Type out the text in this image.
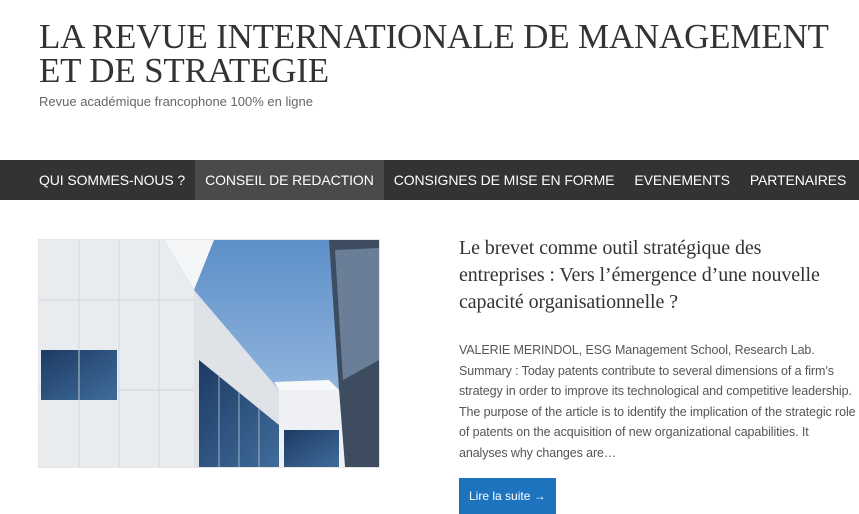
LA REVUE INTERNATIONALE DE MANAGEMENT ET DE STRATEGIE
Revue académique francophone 100% en ligne
QUI SOMMES-NOUS ?	CONSEIL DE REDACTION	CONSIGNES DE MISE EN FORME	EVENEMENTS	PARTENAIRES
Le brevet comme outil stratégique des entreprises : Vers l’émergence d’une nouvelle capacité organisationnelle ?

VALERIE MERINDOL, ESG Management School, Research Lab. Summary : Today patents contribute to several dimensions of a firm’s strategy in order to improve its technological and competitive leadership. The purpose of the article is to identify the implication of the strategic role of patents on the acquisition of new organizational capabilities. It analyses why changes are…

Lire la suite →
